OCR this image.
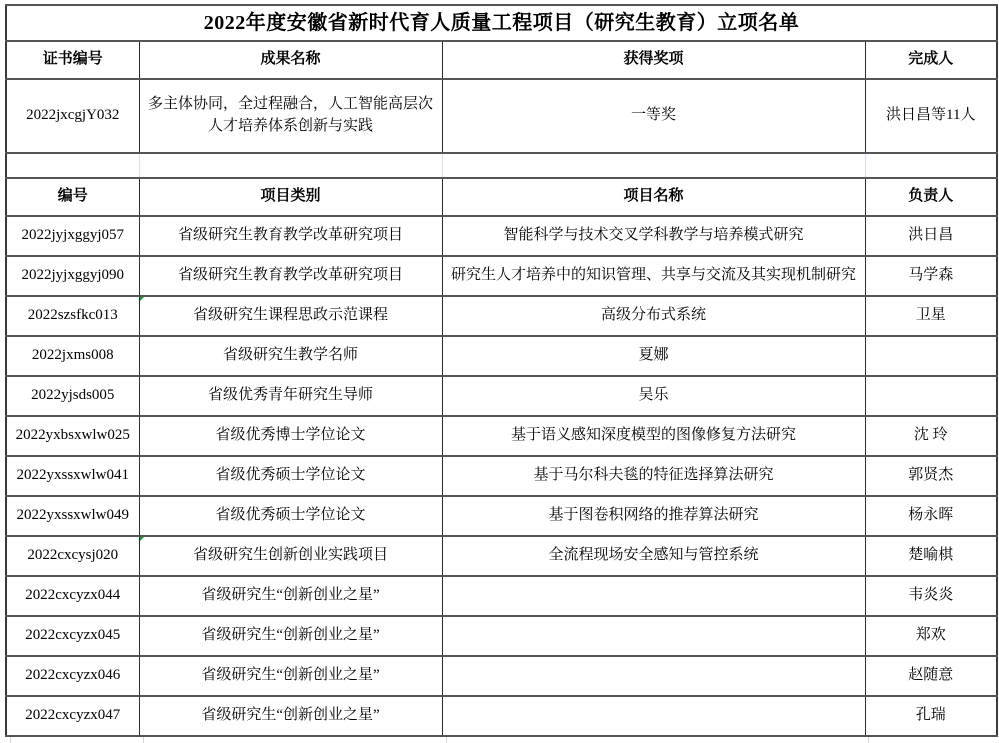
2022年度安徽省新时代育人质量工程项目（研究生教育）立项名单			
证书编号	成果名称	获得奖项	完成人
2022jxcgjY032	多主体协同，全过程融合，人工智能高层次人才培养体系创新与实践	一等奖	洪日昌等11人

编号	项目类别	项目名称	负责人
2022jyjxggyj057	省级研究生教育教学改革研究项目	智能科学与技术交叉学科教学与培养模式研究	洪日昌
2022jyjxggyj090	省级研究生教育教学改革研究项目	研究生人才培养中的知识管理、共享与交流及其实现机制研究	马学森
2022szsfkc013	省级研究生课程思政示范课程	高级分布式系统	卫星
2022jxms008	省级研究生教学名师	夏娜	
2022yjsds005	省级优秀青年研究生导师	吴乐	
2022yxbsxwlw025	省级优秀博士学位论文	基于语义感知深度模型的图像修复方法研究	沈 玲
2022yxssxwlw041	省级优秀硕士学位论文	基于马尔科夫毯的特征选择算法研究	郭贤杰
2022yxssxwlw049	省级优秀硕士学位论文	基于图卷积网络的推荐算法研究	杨永晖
2022cxcysj020	省级研究生创新创业实践项目	全流程现场安全感知与管控系统	楚喻棋
2022cxcyzx044	省级研究生“创新创业之星”		韦炎炎
2022cxcyzx045	省级研究生“创新创业之星”		郑欢
2022cxcyzx046	省级研究生“创新创业之星”		赵随意
2022cxcyzx047	省级研究生“创新创业之星”		孔瑞
